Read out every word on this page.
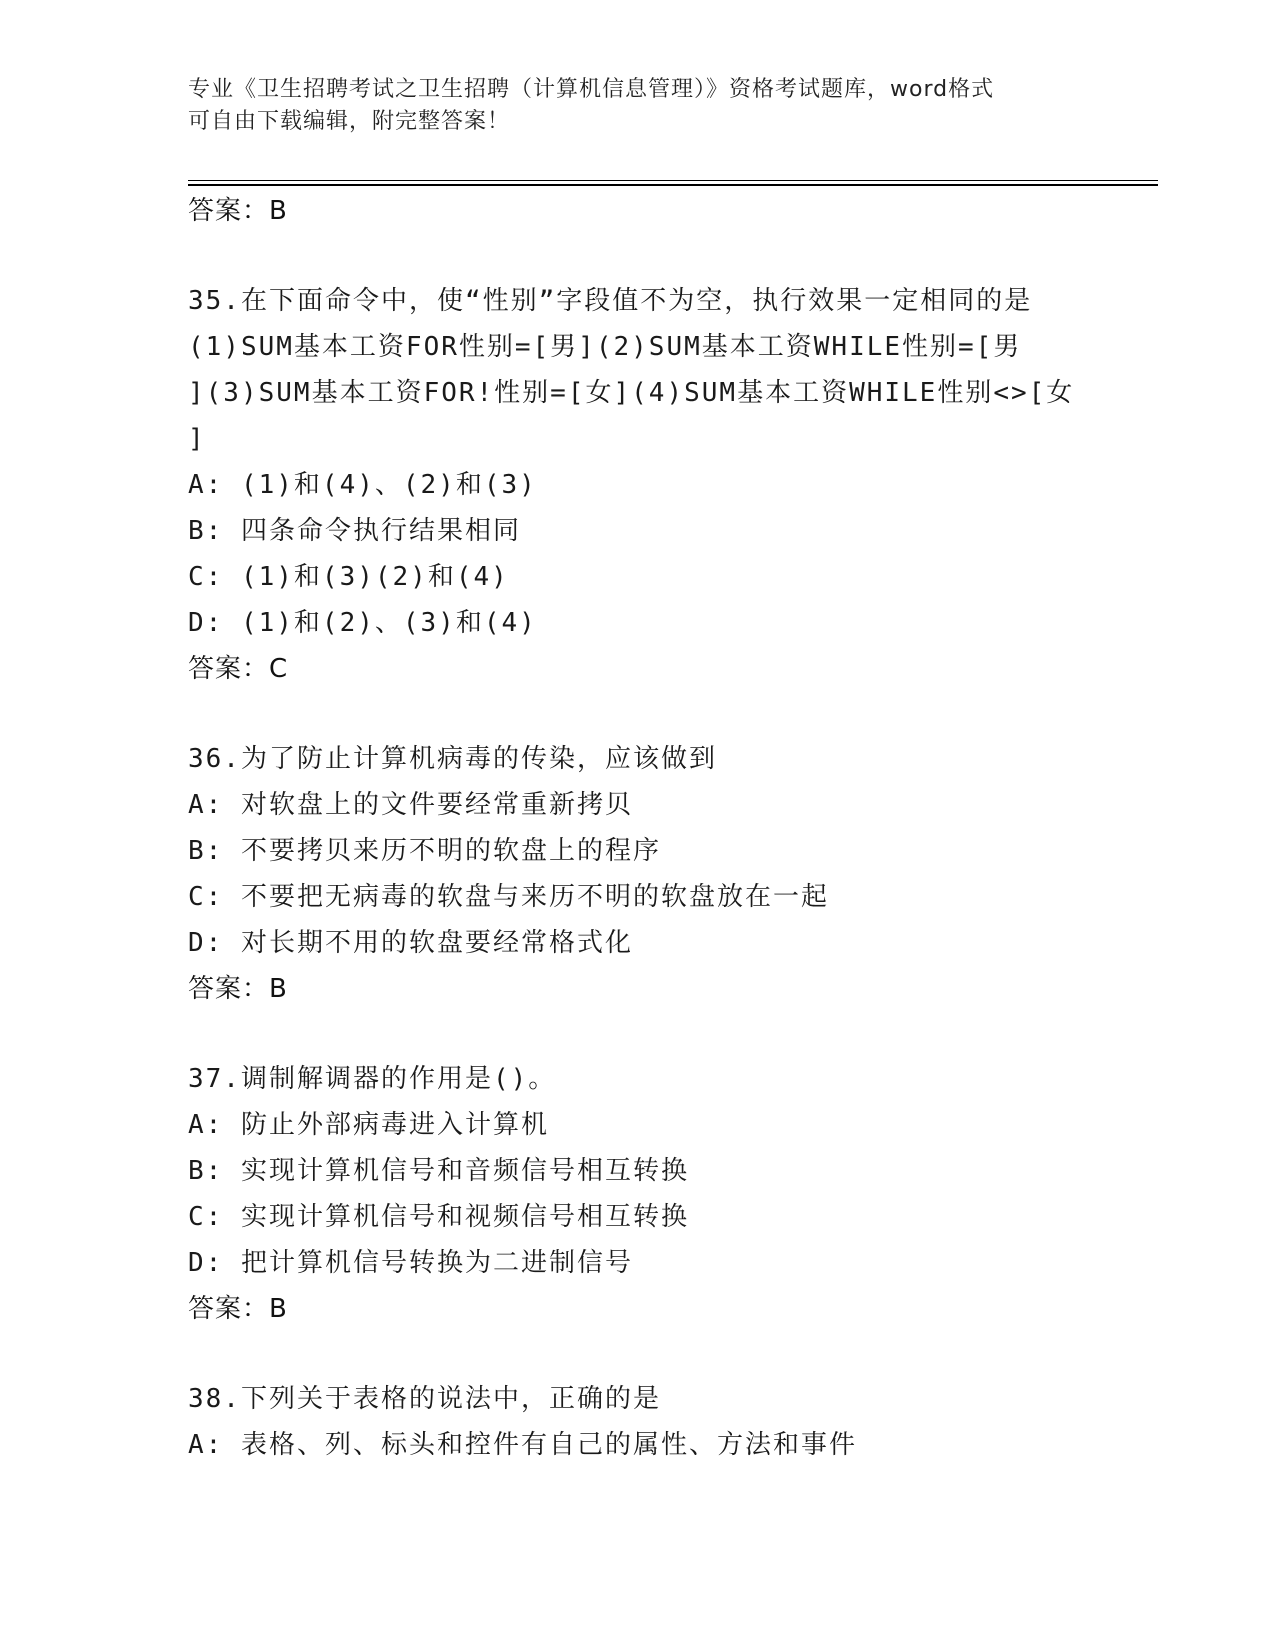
专业《卫生招聘考试之卫生招聘（计算机信息管理）》资格考试题库，word格式
可自由下载编辑，附完整答案！
答案：B
35.在下面命令中，使“性别”字段值不为空，执行效果一定相同的是
(1)SUM基本工资FOR性别=[男](2)SUM基本工资WHILE性别=[男
](3)SUM基本工资FOR!性别=[女](4)SUM基本工资WHILE性别<>[女
]
A: (1)和(4)、(2)和(3)
B: 四条命令执行结果相同
C: (1)和(3)(2)和(4)
D: (1)和(2)、(3)和(4)
答案：C
36.为了防止计算机病毒的传染，应该做到
A: 对软盘上的文件要经常重新拷贝
B: 不要拷贝来历不明的软盘上的程序
C: 不要把无病毒的软盘与来历不明的软盘放在一起
D: 对长期不用的软盘要经常格式化
答案：B
37.调制解调器的作用是()。
A: 防止外部病毒进入计算机
B: 实现计算机信号和音频信号相互转换
C: 实现计算机信号和视频信号相互转换
D: 把计算机信号转换为二进制信号
答案：B
38.下列关于表格的说法中，正确的是
A: 表格、列、标头和控件有自己的属性、方法和事件
